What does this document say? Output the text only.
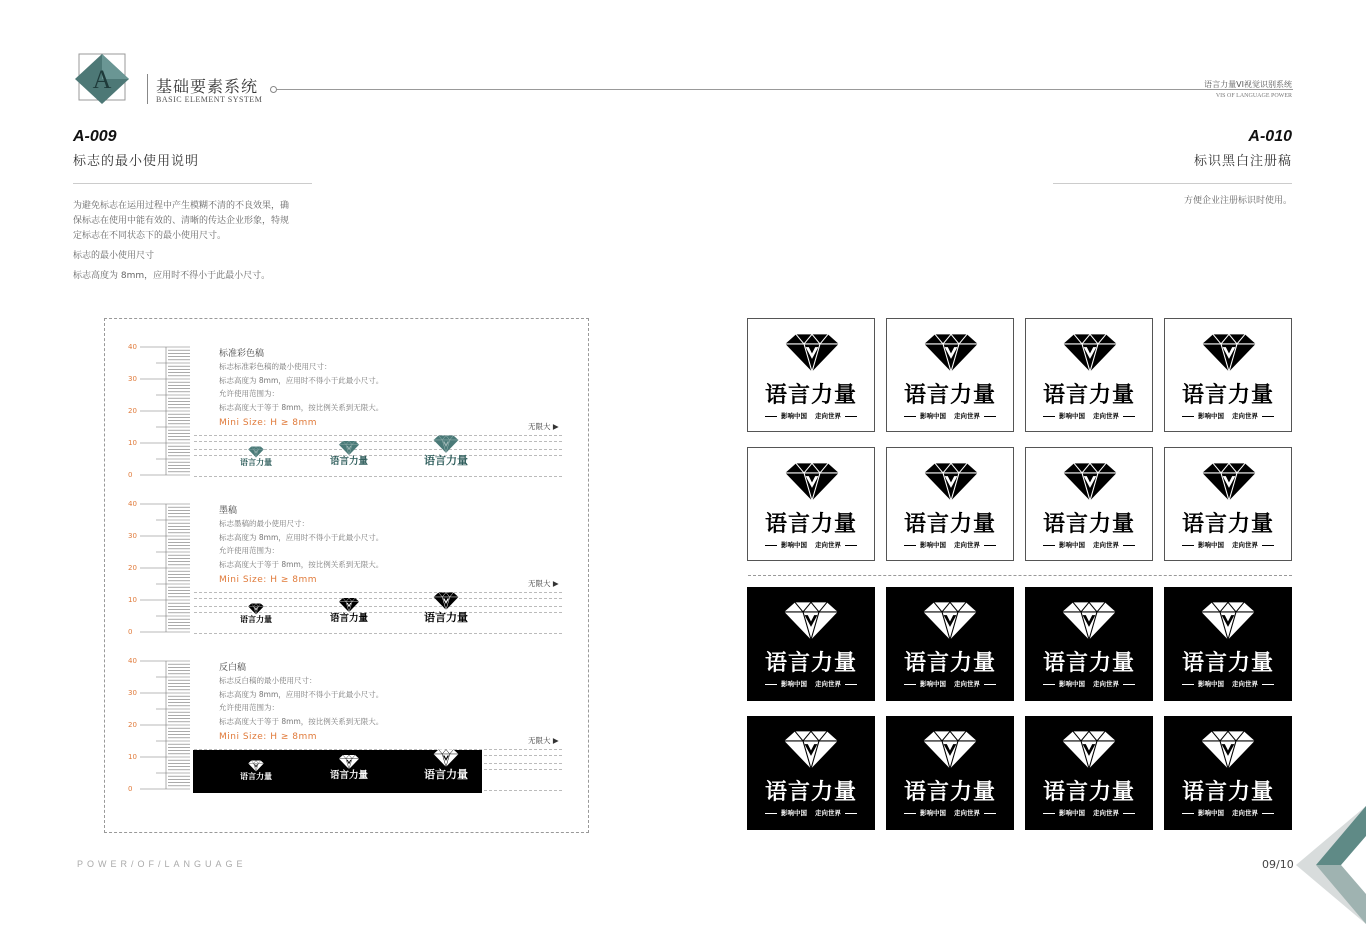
A	基础要素系统
BASIC ELEMENT SYSTEM
语言力量VI视觉识别系统
VIS OF LANGUAGE POWER
A-009
标志的最小使用说明
为避免标志在运用过程中产生模糊不清的不良效果，确
保标志在使用中能有效的、清晰的传达企业形象，特规
定标志在不同状态下的最小使用尺寸。
标志的最小使用尺寸
标志高度为 8mm，应用时不得小于此最小尺寸。
A-010
标识黑白注册稿
方便企业注册标识时使用。
40
30
20
10
0
标准彩色稿
标志标准彩色稿的最小使用尺寸：
标志高度为 8mm，应用时不得小于此最小尺寸。
允许使用范围为：
标志高度大于等于 8mm，按比例关系到无限大。
Mini Size: H ≥ 8mm	无限大 ▶
语言力量	语言力量	语言力量
40
30
20
10
0
墨稿
标志墨稿的最小使用尺寸：
标志高度为 8mm，应用时不得小于此最小尺寸。
允许使用范围为：
标志高度大于等于 8mm，按比例关系到无限大。
Mini Size: H ≥ 8mm	无限大 ▶
语言力量	语言力量	语言力量
40
30
20
10
0
反白稿
标志反白稿的最小使用尺寸：
标志高度为 8mm，应用时不得小于此最小尺寸。
允许使用范围为：
标志高度大于等于 8mm，按比例关系到无限大。
Mini Size: H ≥ 8mm	无限大 ▶
语言力量	语言力量	语言力量
语言力量
影响中国 走向世界
语言力量
影响中国 走向世界
语言力量
影响中国 走向世界
语言力量
影响中国 走向世界
语言力量
影响中国 走向世界
语言力量
影响中国 走向世界
语言力量
影响中国 走向世界
语言力量
影响中国 走向世界
语言力量
影响中国 走向世界
语言力量
影响中国 走向世界
语言力量
影响中国 走向世界
语言力量
影响中国 走向世界
语言力量
影响中国 走向世界
语言力量
影响中国 走向世界
语言力量
影响中国 走向世界
语言力量
影响中国 走向世界
POWER/OF/LANGUAGE	09/10
